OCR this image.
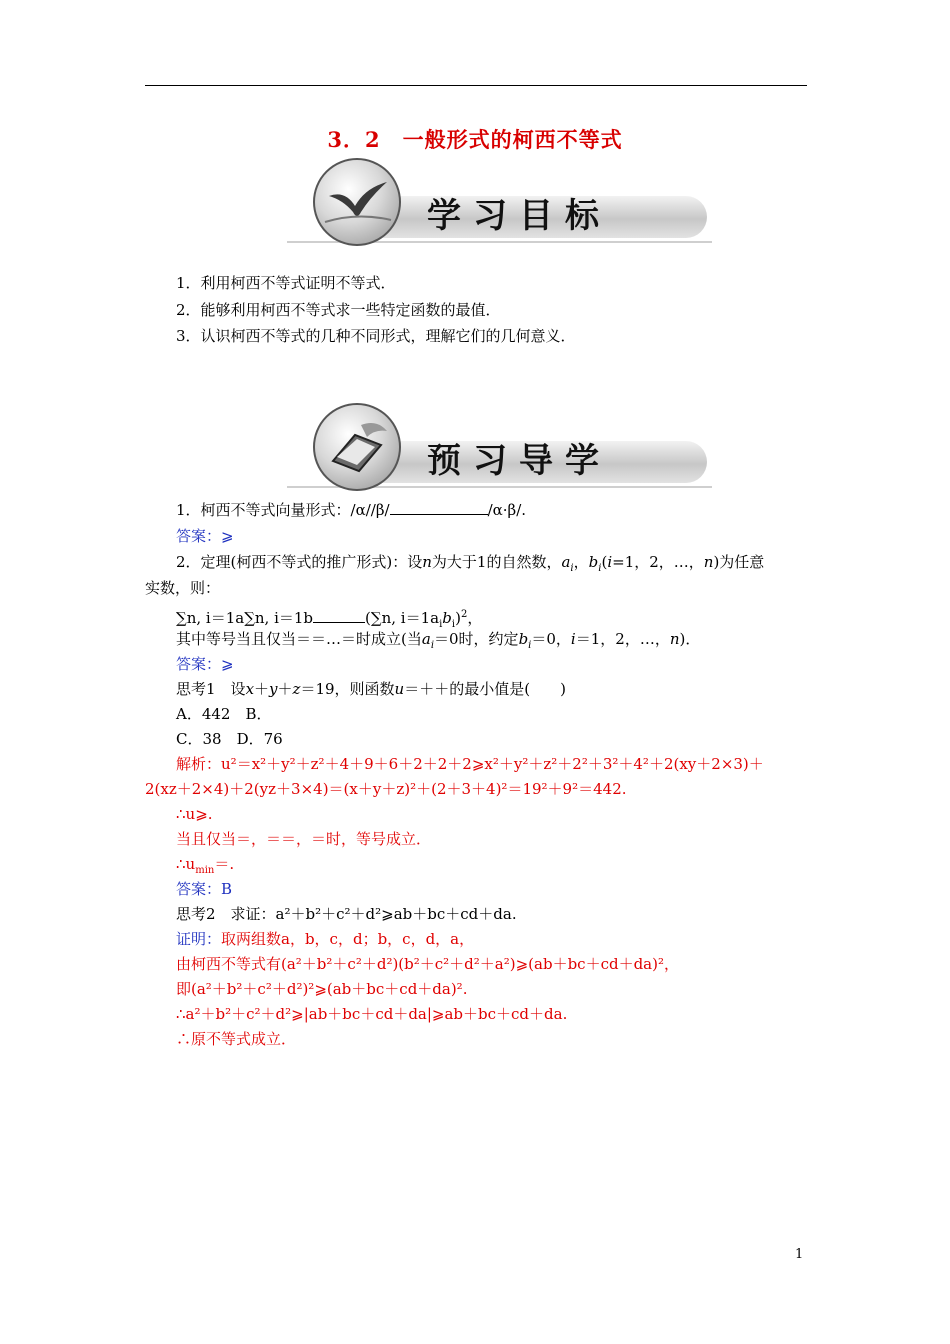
3．2　一般形式的柯西不等式
学习目标
1．利用柯西不等式证明不等式．
2．能够利用柯西不等式求一些特定函数的最值．
3．认识柯西不等式的几种不同形式，理解它们的几何意义．
预习导学
1．柯西不等式向量形式：/α//β/	/α·β/.
答案：⩾
2．定理(柯西不等式的推广形式)：设n为大于1的自然数，$a_i$，$b_i(i=1$，2，…，n)为任意
实数，则：
∑n, i＝1a∑n, i＝1b	(∑n, $i=1a_ib_i)^2$，
其中等号当且仅当＝＝…＝时成立(当$a_i=0$时，约定$b_i=0$，i＝1，2，…，n)．
答案：⩾
思考1　设x＋y＋z＝19，则函数u＝＋＋的最小值是(　　)
A．442　B．
C．38　D．76
解析：u²＝x²＋y²＋z²＋4＋9＋6＋2＋2＋2⩾x²＋y²＋z²＋2²＋3²＋4²＋2(xy＋2×3)＋
2(xz＋2×4)＋2(yz＋3×4)＝(x＋y＋z)²＋(2＋3＋4)²＝19²＋9²＝442.
∴u⩾.
当且仅当＝，＝＝，＝时，等号成立．
$\therefore u_{min}=$.
答案：B
思考2　求证：a²＋b²＋c²＋d²⩾ab＋bc＋cd＋da.
证明：取两组数a，b，c，d；b，c，d，a，
由柯西不等式有(a²＋b²＋c²＋d²)(b²＋c²＋d²＋a²)⩾(ab＋bc＋cd＋da)²，
即(a²＋b²＋c²＋d²)²⩾(ab＋bc＋cd＋da)².
∴a²＋b²＋c²＋d²⩾|ab＋bc＋cd＋da|⩾ab＋bc＋cd＋da.
∴原不等式成立．
1
